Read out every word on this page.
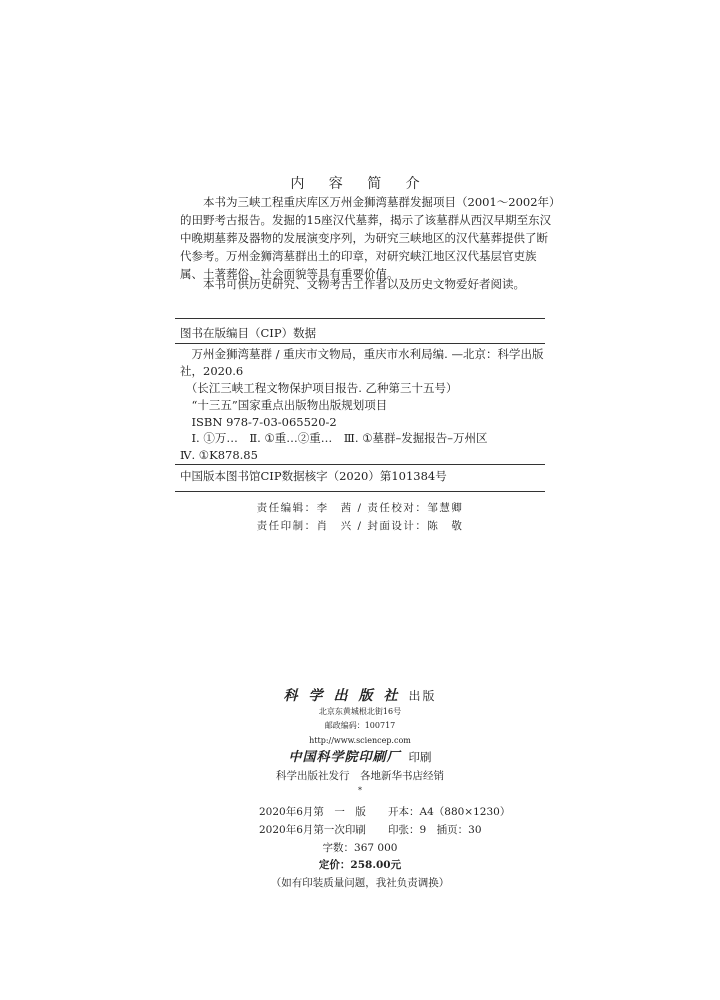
内 容 简 介
　　本书为三峡工程重庆库区万州金狮湾墓群发掘项目（2001～2002年）
的田野考古报告。发掘的15座汉代墓葬，揭示了该墓群从西汉早期至东汉
中晚期墓葬及器物的发展演变序列，为研究三峡地区的汉代墓葬提供了断
代参考。万州金狮湾墓群出土的印章，对研究峡江地区汉代基层官吏族
属、土著葬俗、社会面貌等具有重要价值。
　　本书可供历史研究、文物考古工作者以及历史文物爱好者阅读。
图书在版编目（CIP）数据
　万州金狮湾墓群 / 重庆市文物局，重庆市水利局编. —北京：科学出版
社，2020.6
　（长江三峡工程文物保护项目报告. 乙种第三十五号）
　“十三五”国家重点出版物出版规划项目
　ISBN 978-7-03-065520-2
　Ⅰ. ①万…　Ⅱ. ①重…②重…　Ⅲ. ①墓群–发掘报告–万州区
Ⅳ. ①K878.85
中国版本图书馆CIP数据核字（2020）第101384号
责任编辑：李　茜 / 责任校对：邹慧卿
责任印制：肖　兴 / 封面设计：陈　敬
科学出版社出版
北京东黄城根北街16号
邮政编码：100717
http://www.sciencep.com
中国科学院印刷厂 印刷
科学出版社发行　各地新华书店经销
*
2020年6月第　一　版 开本：A4（880×1230）
2020年6月第一次印刷 印张：9　插页：30
字数：367 000
定价：258.00元
（如有印装质量问题，我社负责调换）
